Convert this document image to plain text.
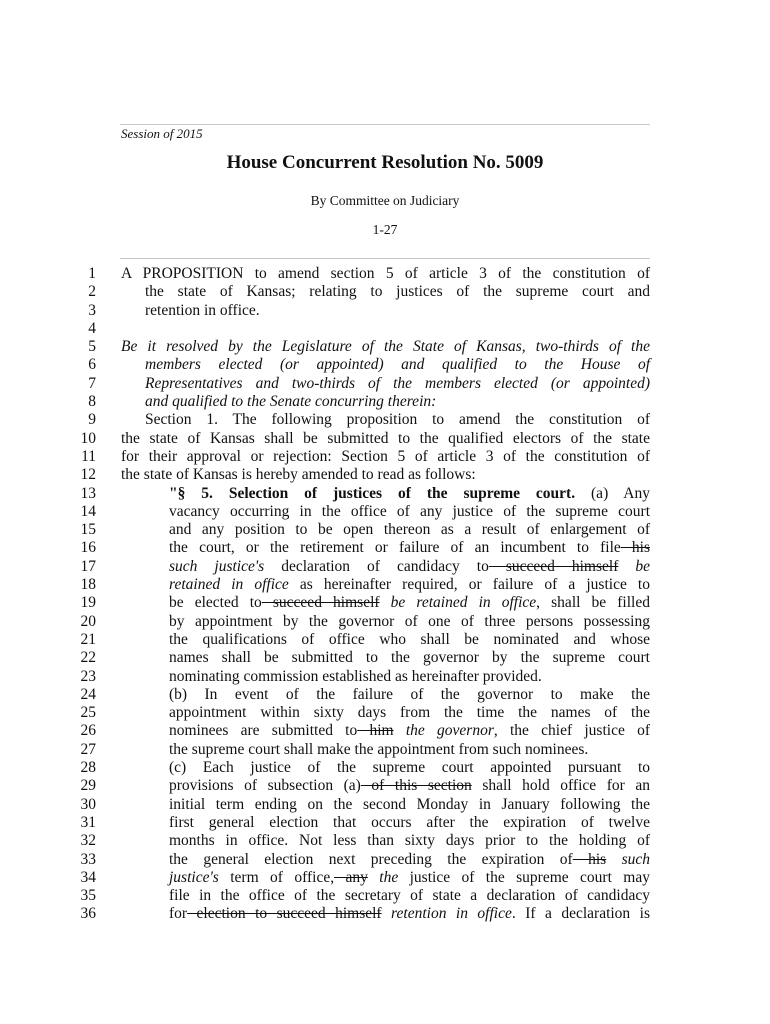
Session of 2015
House Concurrent Resolution No. 5009
By Committee on Judiciary
1-27
1
2
3
4
5
6
7
8
9
10
11
12
13
14
15
16
17
18
19
20
21
22
23
24
25
26
27
28
29
30
31
32
33
34
35
36
A PROPOSITION to amend section 5 of article 3 of the constitution of
the state of Kansas; relating to justices of the supreme court and
retention in office.

Be it resolved by the Legislature of the State of Kansas, two-thirds of the
members elected (or appointed) and qualified to the House of
Representatives and two-thirds of the members elected (or appointed)
and qualified to the Senate concurring therein:
Section 1. The following proposition to amend the constitution of
the state of Kansas shall be submitted to the qualified electors of the state
for their approval or rejection: Section 5 of article 3 of the constitution of
the state of Kansas is hereby amended to read as follows:
"§ 5. Selection of justices of the supreme court. (a) Any
vacancy occurring in the office of any justice of the supreme court
and any position to be open thereon as a result of enlargement of
the court, or the retirement or failure of an incumbent to file his
such justice's declaration of candidacy to succeed himself be
retained in office as hereinafter required, or failure of a justice to
be elected to succeed himself be retained in office, shall be filled
by appointment by the governor of one of three persons possessing
the qualifications of office who shall be nominated and whose
names shall be submitted to the governor by the supreme court
nominating commission established as hereinafter provided.
(b) In event of the failure of the governor to make the
appointment within sixty days from the time the names of the
nominees are submitted to him the governor, the chief justice of
the supreme court shall make the appointment from such nominees.
(c) Each justice of the supreme court appointed pursuant to
provisions of subsection (a) of this section shall hold office for an
initial term ending on the second Monday in January following the
first general election that occurs after the expiration of twelve
months in office. Not less than sixty days prior to the holding of
the general election next preceding the expiration of his such
justice's term of office, any the justice of the supreme court may
file in the office of the secretary of state a declaration of candidacy
for election to succeed himself retention in office. If a declaration is
